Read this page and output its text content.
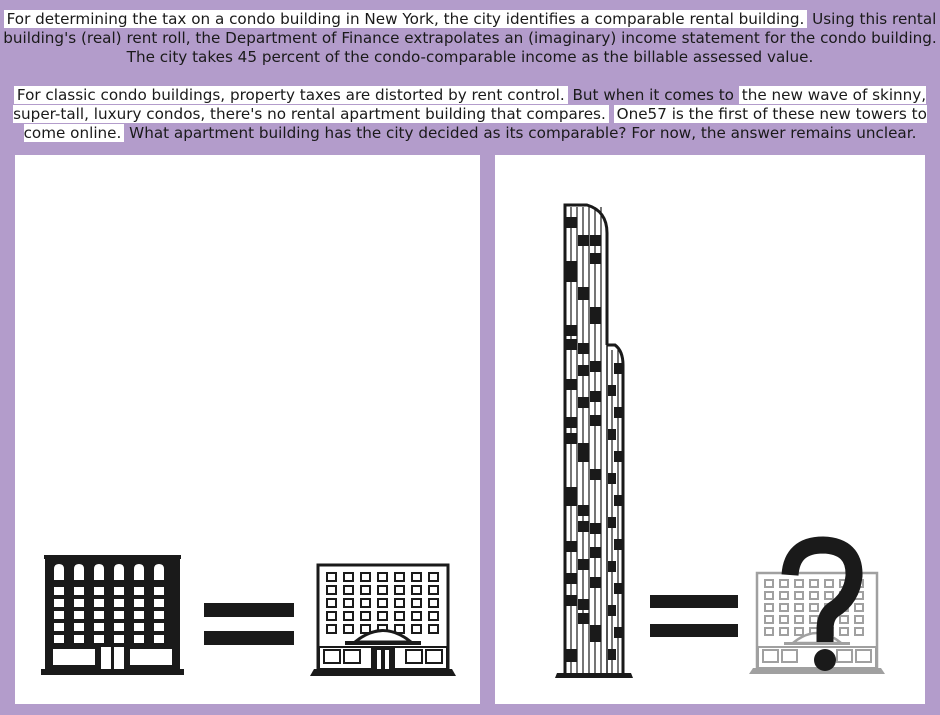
For determining the tax on a condo building in New York, the city identifies a comparable rental building. Using this rental building's (real) rent roll, the Department of Finance extrapolates an (imaginary) income statement for the condo building. The city takes 45 percent of the condo-comparable income as the billable assessed value.
For classic condo buildings, property taxes are distorted by rent control. But when it comes to the new wave of skinny, super-tall, luxury condos, there's no rental apartment building that compares. One57 is the first of these new towers to come online. What apartment building has the city decided as its comparable? For now, the answer remains unclear.
